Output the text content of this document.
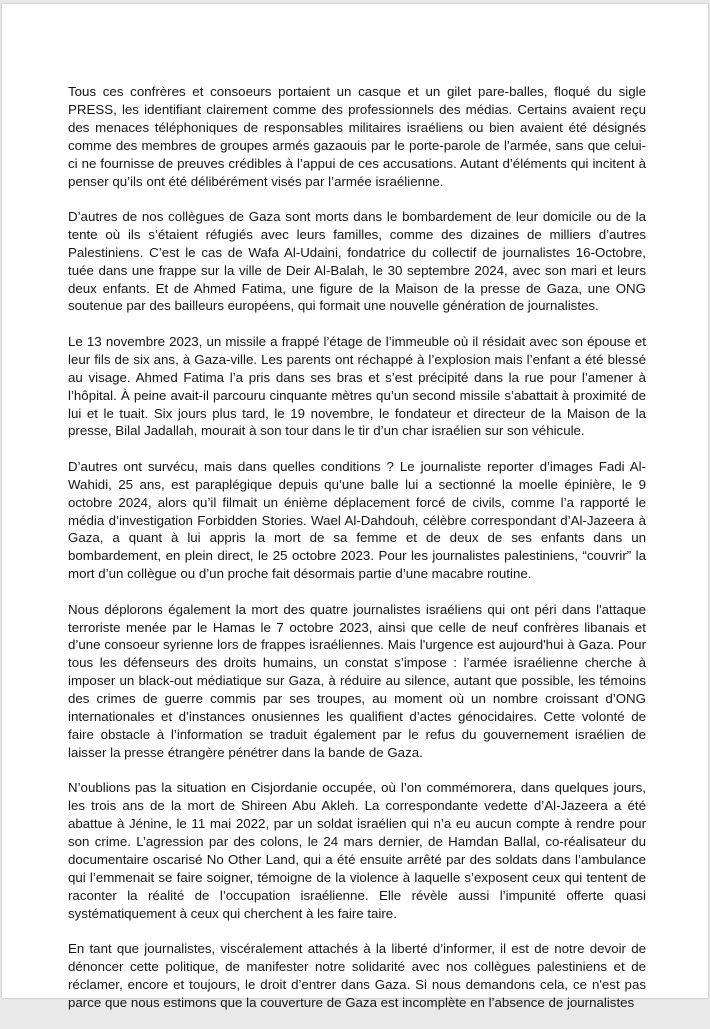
Tous ces confrères et consoeurs portaient un casque et un gilet pare-balles, floqué du sigle PRESS, les identifiant clairement comme des professionnels des médias. Certains avaient reçu des menaces téléphoniques de responsables militaires israéliens ou bien avaient été désignés comme des membres de groupes armés gazaouis par le porte-parole de l’armée, sans que celui-ci ne fournisse de preuves crédibles à l’appui de ces accusations. Autant d’éléments qui incitent à penser qu’ils ont été délibérément visés par l’armée israélienne.

D’autres de nos collègues de Gaza sont morts dans le bombardement de leur domicile ou de la tente où ils s’étaient réfugiés avec leurs familles, comme des dizaines de milliers d’autres Palestiniens. C’est le cas de Wafa Al-Udaini, fondatrice du collectif de journalistes 16-Octobre, tuée dans une frappe sur la ville de Deir Al-Balah, le 30 septembre 2024, avec son mari et leurs deux enfants. Et de Ahmed Fatima, une figure de la Maison de la presse de Gaza, une ONG soutenue par des bailleurs européens, qui formait une nouvelle génération de journalistes.

Le 13 novembre 2023, un missile a frappé l’étage de l’immeuble où il résidait avec son épouse et leur fils de six ans, à Gaza-ville. Les parents ont réchappé à l’explosion mais l’enfant a été blessé au visage. Ahmed Fatima l’a pris dans ses bras et s’est précipité dans la rue pour l’amener à l’hôpital. À peine avait-il parcouru cinquante mètres qu’un second missile s’abattait à proximité de lui et le tuait. Six jours plus tard, le 19 novembre, le fondateur et directeur de la Maison de la presse, Bilal Jadallah, mourait à son tour dans le tir d’un char israélien sur son véhicule.

D’autres ont survécu, mais dans quelles conditions ? Le journaliste reporter d’images Fadi Al-Wahidi, 25 ans, est paraplégique depuis qu’une balle lui a sectionné la moelle épinière, le 9 octobre 2024, alors qu’il filmait un énième déplacement forcé de civils, comme l’a rapporté le média d’investigation Forbidden Stories. Wael Al-Dahdouh, célèbre correspondant d’Al-Jazeera à Gaza, a quant à lui appris la mort de sa femme et de deux de ses enfants dans un bombardement, en plein direct, le 25 octobre 2023. Pour les journalistes palestiniens, “couvrir” la mort d’un collègue ou d’un proche fait désormais partie d’une macabre routine.

Nous déplorons également la mort des quatre journalistes israéliens qui ont péri dans l'attaque terroriste menée par le Hamas le 7 octobre 2023, ainsi que celle de neuf confrères libanais et d’une consoeur syrienne lors de frappes israéliennes. Mais l'urgence est aujourd'hui à Gaza. Pour tous les défenseurs des droits humains, un constat s’impose : l’armée israélienne cherche à imposer un black-out médiatique sur Gaza, à réduire au silence, autant que possible, les témoins des crimes de guerre commis par ses troupes, au moment où un nombre croissant d’ONG internationales et d’instances onusiennes les qualifient d’actes génocidaires. Cette volonté de faire obstacle à l’information se traduit également par le refus du gouvernement israélien de laisser la presse étrangère pénétrer dans la bande de Gaza.

N’oublions pas la situation en Cisjordanie occupée, où l’on commémorera, dans quelques jours, les trois ans de la mort de Shireen Abu Akleh. La correspondante vedette d’Al-Jazeera a été abattue à Jénine, le 11 mai 2022, par un soldat israélien qui n’a eu aucun compte à rendre pour son crime. L’agression par des colons, le 24 mars dernier, de Hamdan Ballal, co-réalisateur du documentaire oscarisé No Other Land, qui a été ensuite arrêté par des soldats dans l’ambulance qui l’emmenait se faire soigner, témoigne de la violence à laquelle s’exposent ceux qui tentent de raconter la réalité de l’occupation israélienne. Elle révèle aussi l’impunité offerte quasi systématiquement à ceux qui cherchent à les faire taire.

En tant que journalistes, viscéralement attachés à la liberté d’informer, il est de notre devoir de dénoncer cette politique, de manifester notre solidarité avec nos collègues palestiniens et de réclamer, encore et toujours, le droit d’entrer dans Gaza. Si nous demandons cela, ce n'est pas parce que nous estimons que la couverture de Gaza est incomplète en l’absence de journalistes
